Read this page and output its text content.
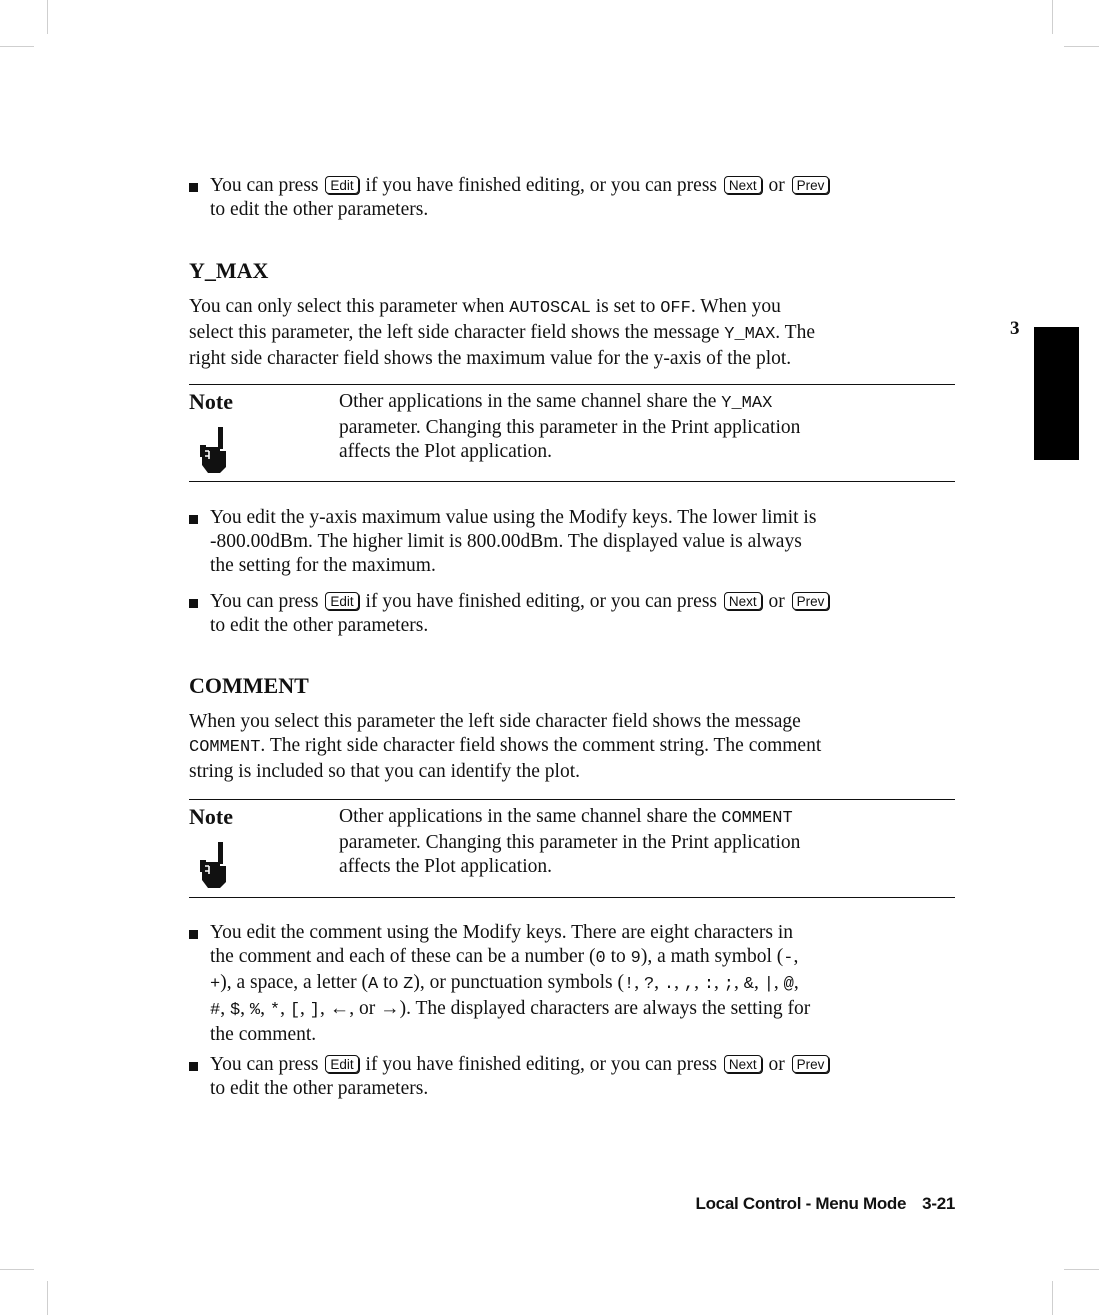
3
You can press Edit if you have finished editing, or you can press Next or Prev
to edit the other parameters.
Y_MAX
You can only select this parameter when AUTOSCAL is set to OFF. When you
select this parameter, the left side character field shows the message Y_MAX. The
right side character field shows the maximum value for the y-axis of the plot.
Note	Other applications in the same channel share the Y_MAX
parameter. Changing this parameter in the Print application
affects the Plot application.
You edit the y-axis maximum value using the Modify keys. The lower limit is
-800.00dBm. The higher limit is 800.00dBm. The displayed value is always
the setting for the maximum.
You can press Edit if you have finished editing, or you can press Next or Prev
to edit the other parameters.
COMMENT
When you select this parameter the left side character field shows the message
COMMENT. The right side character field shows the comment string. The comment
string is included so that you can identify the plot.
Note	Other applications in the same channel share the COMMENT
parameter. Changing this parameter in the Print application
affects the Plot application.
You edit the comment using the Modify keys. There are eight characters in
the comment and each of these can be a number (0 to 9), a math symbol (-,
+), a space, a letter (A to Z), or punctuation symbols (!, ?, ., ,, :, ;, &, |, @,
#, $, %, *, [, ], ←, or →). The displayed characters are always the setting for
the comment.
You can press Edit if you have finished editing, or you can press Next or Prev
to edit the other parameters.
Local Control - Menu Mode 3-21
